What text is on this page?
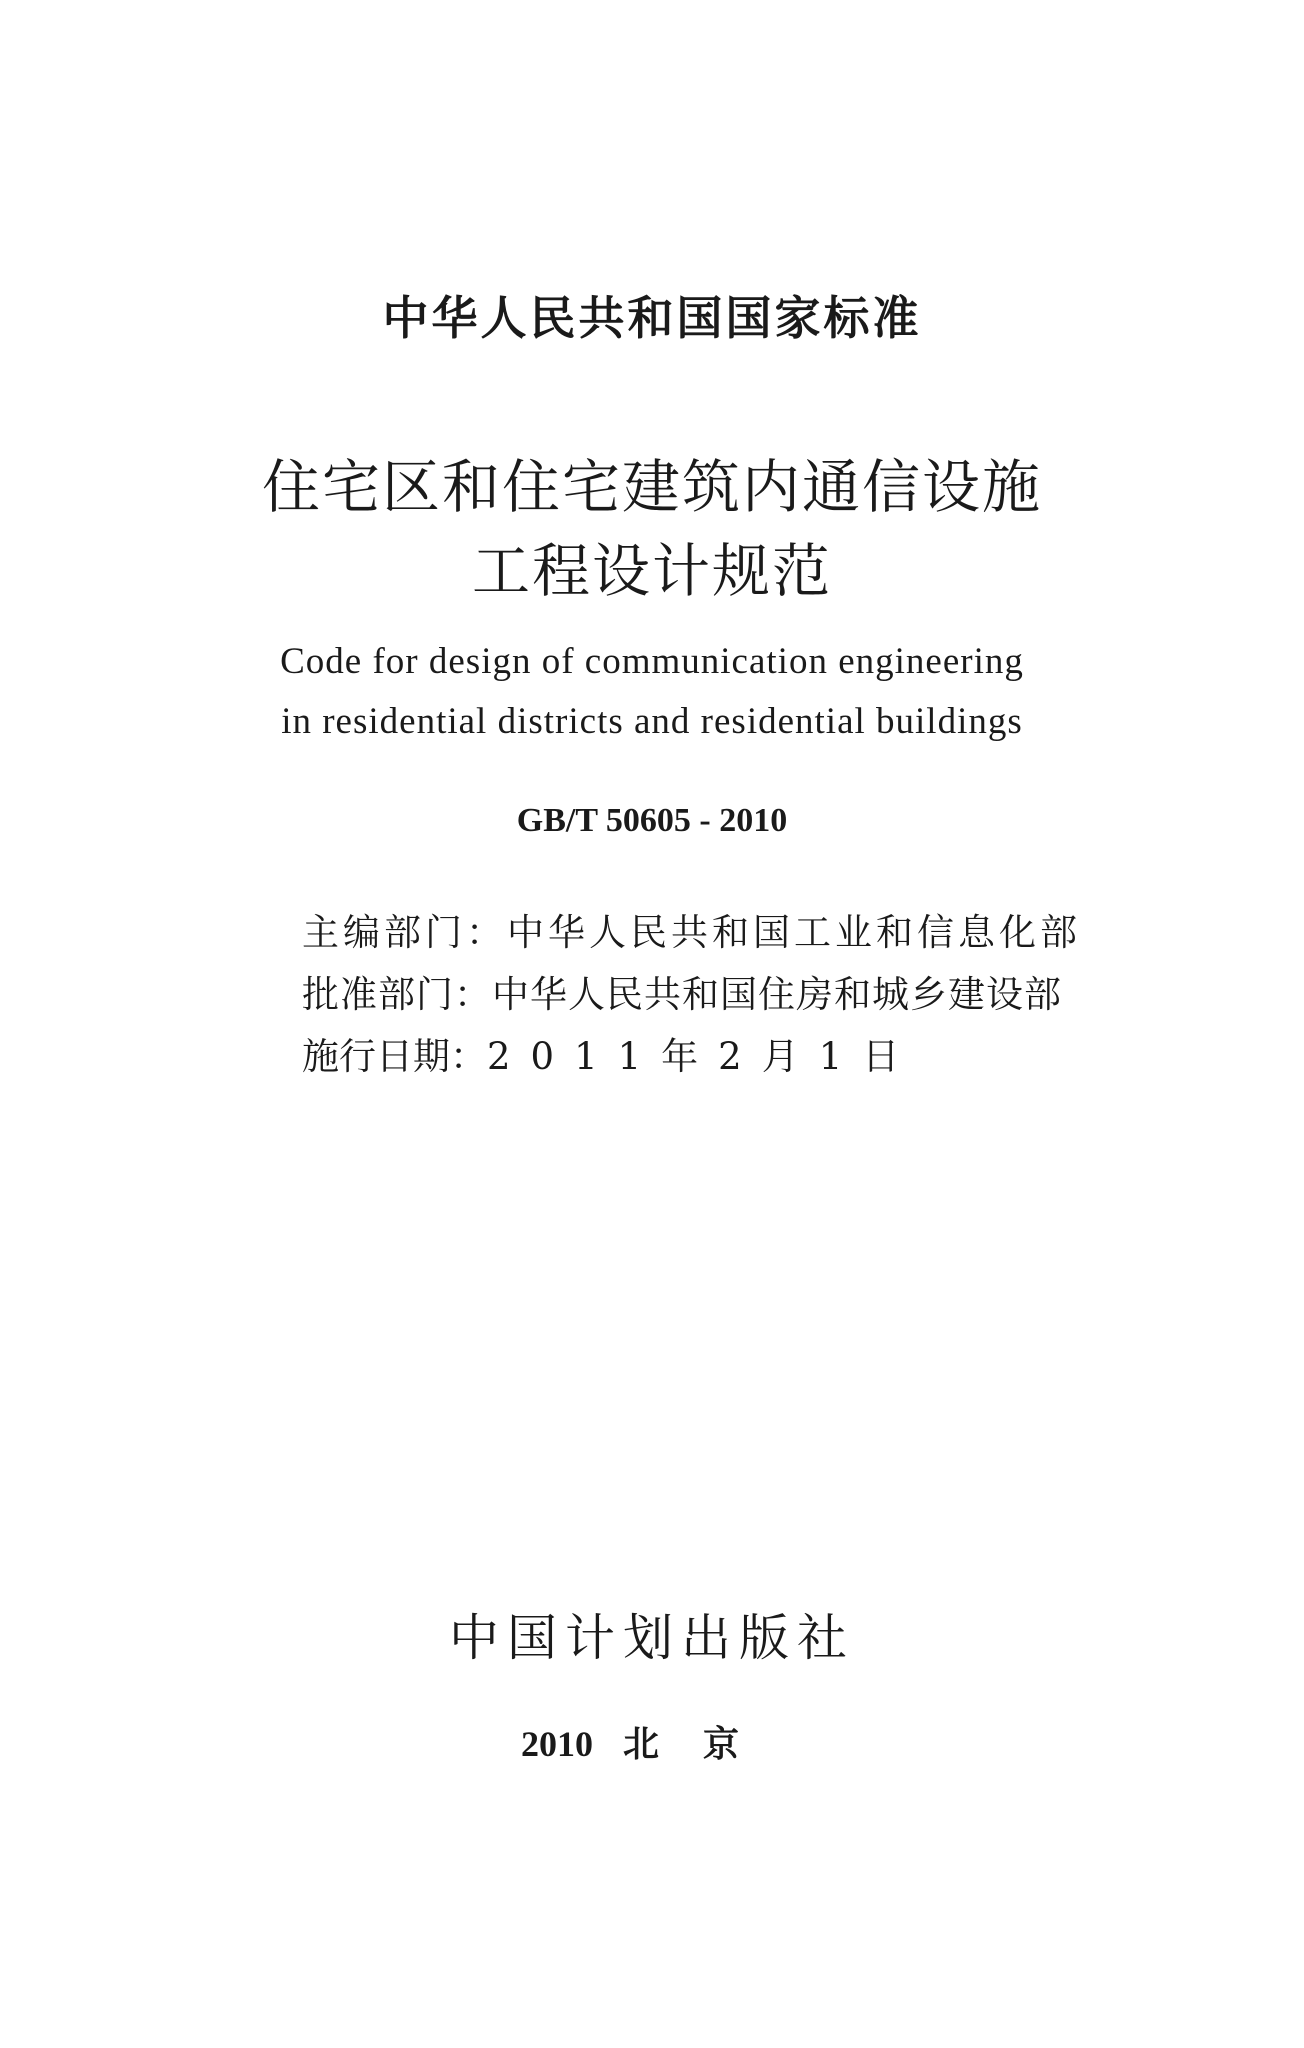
中华人民共和国国家标准
住宅区和住宅建筑内通信设施
工程设计规范
Code for design of communication engineering
in residential districts and residential buildings
GB/T 50605 - 2010
主编部门：中华人民共和国工业和信息化部
批准部门：中华人民共和国住房和城乡建设部
施行日期：2011年2月1日
中国计划出版社
2010 北京
